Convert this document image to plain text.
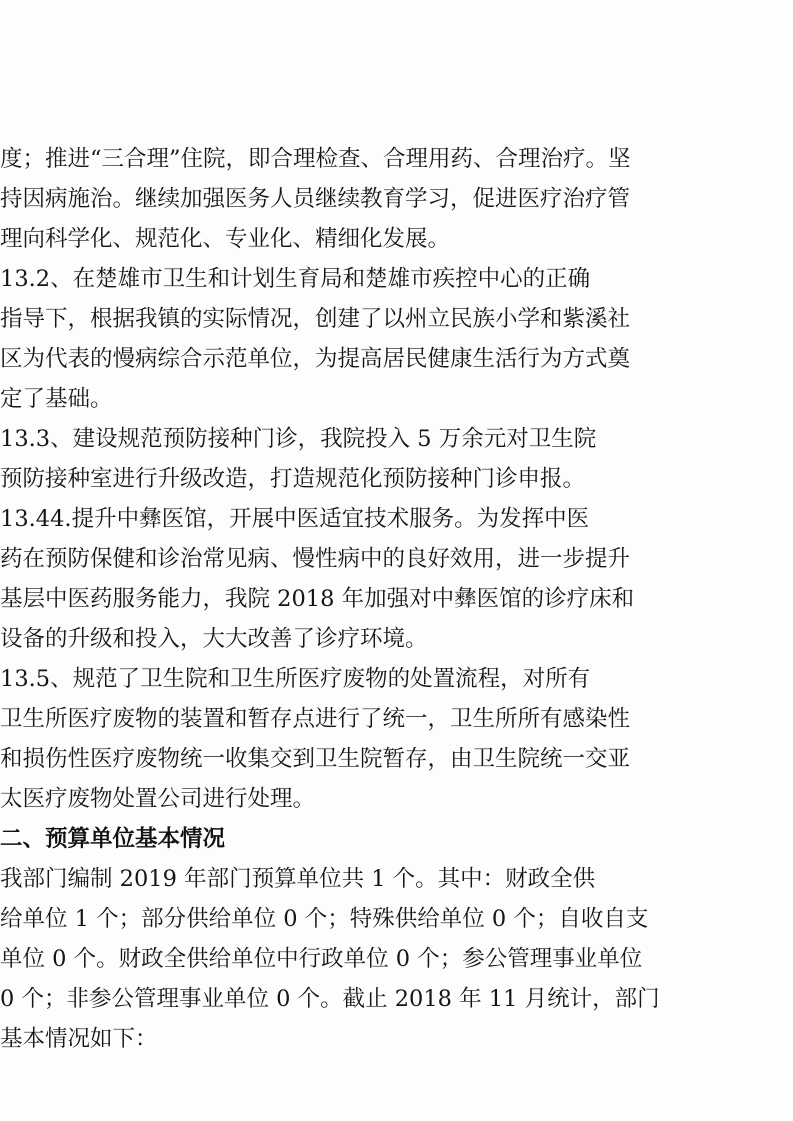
度；推进“三合理”住院，即合理检查、合理用药、合理治疗。坚

持因病施治。继续加强医务人员继续教育学习，促进医疗治疗管

理向科学化、规范化、专业化、精细化发展。

13.2、在楚雄市卫生和计划生育局和楚雄市疾控中心的正确

指导下，根据我镇的实际情况，创建了以州立民族小学和紫溪社

区为代表的慢病综合示范单位，为提高居民健康生活行为方式奠

定了基础。

13.3、建设规范预防接种门诊，我院投入 5 万余元对卫生院

预防接种室进行升级改造，打造规范化预防接种门诊申报。

13.44.提升中彝医馆，开展中医适宜技术服务。为发挥中医

药在预防保健和诊治常见病、慢性病中的良好效用，进一步提升

基层中医药服务能力，我院 2018 年加强对中彝医馆的诊疗床和

设备的升级和投入，大大改善了诊疗环境。

13.5、规范了卫生院和卫生所医疗废物的处置流程，对所有

卫生所医疗废物的装置和暂存点进行了统一，卫生所所有感染性

和损伤性医疗废物统一收集交到卫生院暂存，由卫生院统一交亚

太医疗废物处置公司进行处理。

二、预算单位基本情况

我部门编制 2019 年部门预算单位共 1 个。其中：财政全供

给单位 1 个；部分供给单位 0 个；特殊供给单位 0 个；自收自支

单位 0 个。财政全供给单位中行政单位 0 个；参公管理事业单位

0 个；非参公管理事业单位 0 个。截止 2018 年 11 月统计，部门

基本情况如下：
